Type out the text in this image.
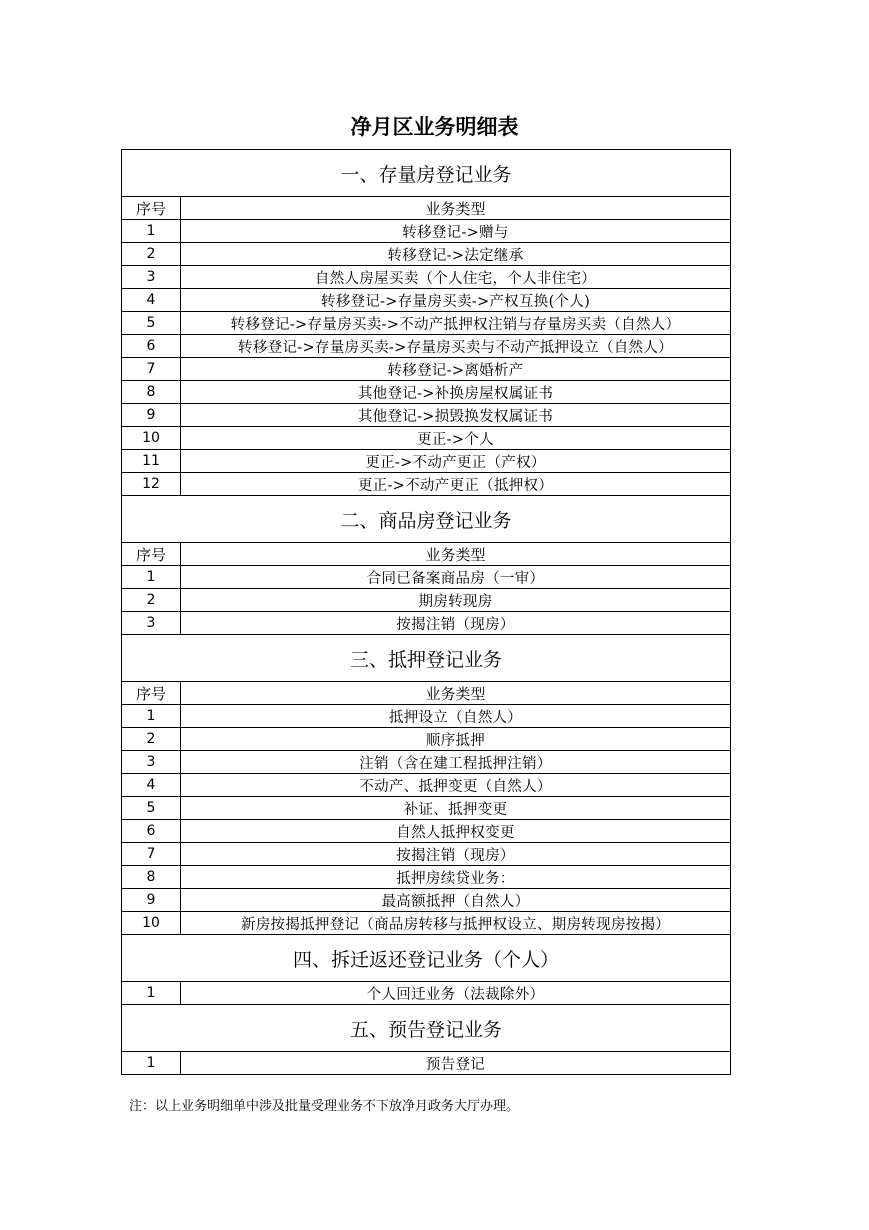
净月区业务明细表
一、存量房登记业务	
序号	业务类型
1	转移登记->赠与
2	转移登记->法定继承
3	自然人房屋买卖（个人住宅，个人非住宅）
4	转移登记->存量房买卖->产权互换(个人)
5	转移登记->存量房买卖->不动产抵押权注销与存量房买卖（自然人）
6	转移登记->存量房买卖->存量房买卖与不动产抵押设立（自然人）
7	转移登记->离婚析产
8	其他登记->补换房屋权属证书
9	其他登记->损毁换发权属证书
10	更正->个人
11	更正->不动产更正（产权）
12	更正->不动产更正（抵押权）
二、商品房登记业务	
序号	业务类型
1	合同已备案商品房（一审）
2	期房转现房
3	按揭注销（现房）
三、抵押登记业务	
序号	业务类型
1	抵押设立（自然人）
2	顺序抵押
3	注销（含在建工程抵押注销）
4	不动产、抵押变更（自然人）
5	补证、抵押变更
6	自然人抵押权变更
7	按揭注销（现房）
8	抵押房续贷业务：
9	最高额抵押（自然人）
10	新房按揭抵押登记（商品房转移与抵押权设立、期房转现房按揭）
四、拆迁返还登记业务（个人）	
1	个人回迁业务（法裁除外）
五、预告登记业务	
1	预告登记
注：以上业务明细单中涉及批量受理业务不下放净月政务大厅办理。
